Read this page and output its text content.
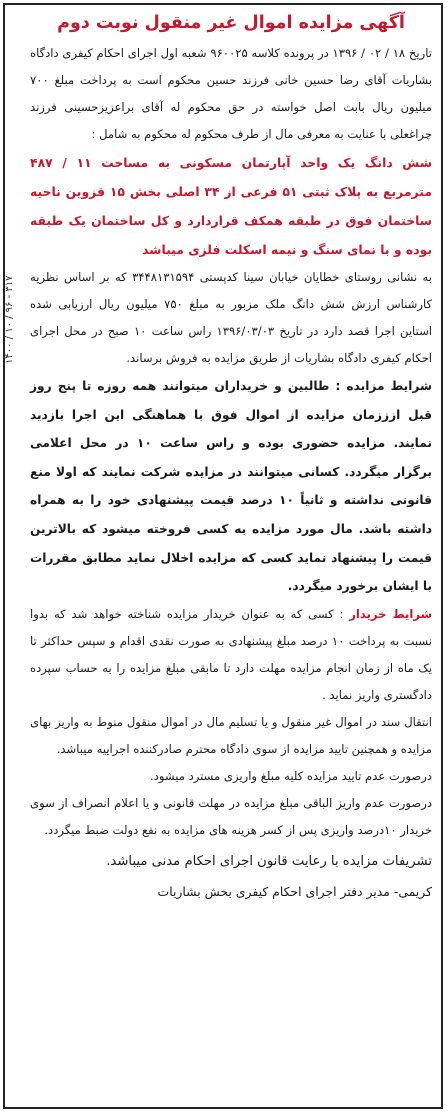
۱۴۰۰ / ۱۰ / ۹۶ - ۳۱۷
آگهی مزایده اموال غیر منقول نوبت دوم

تاریخ ۱۸ / ۰۲ / ۱۳۹۶ در پرونده کلاسه ۹۶۰۰۲۵ شعبه اول اجرای احکام کیفری دادگاه بشاریات آقای رضا حسین خانی فرزند حسین محکوم است به پرداخت مبلغ ۷۰۰ میلیون ریال بابت اصل خواسته در حق محکوم له آقای براعزیزحسینی فرزند چراغعلی با عنایت به معرفی مال از طرف محکوم له محکوم به شامل :

شش دانگ یک واحد آپارتمان مسکونی به مساحت ۱۱ / ۴۸۷ مترمربع به پلاک ثبتی ۵۱ فرعی از ۳۴ اصلی بخش ۱۵ قزوین ناحیه ساختمان فوق در طبقه همکف قراردارد و کل ساختمان یک طبقه بوده و با نمای سنگ و نیمه اسکلت فلزی میباشد

به نشانی روستای خطایان خیابان سینا کدپستی ۳۴۴۸۱۳۱۵۹۴ که بر اساس نظریه کارشناس ارزش شش دانگ ملک مزبور به مبلغ ۷۵۰ میلیون ریال ارزیابی شده استاین اجرا قصد دارد در تاریخ ۱۳۹۶/۰۳/۰۳ راس ساعت ۱۰ صبح در محل اجرای احکام کیفری دادگاه بشاریات از طریق مزایده به فروش برساند.

شرایط مزایده : طالبین و خریداران میتوانند همه روزه تا پنج روز قبل ازززمان مزایده از اموال فوق با هماهنگی این اجرا بازدید نمایند. مزایده حضوری بوده و راس ساعت ۱۰ در محل اعلامی برگزار میگردد. کسانی میتوانند در مزایده شرکت نمایند که اولا منع قانونی نداشته و ثانیاً ۱۰ درصد قیمت پیشنهادی خود را به همراه داشته باشد. مال مورد مزایده به کسی فروخته میشود که بالاترین قیمت را پیشنهاد نماید کسی که مزایده اخلال نماید مطابق مقررات با ایشان برخورد میگردد.

شرایط خریدار : کسی که به عنوان خریدار مزایده شناخته خواهد شد که بدوا نسبت به پرداخت ۱۰ درصد مبلغ پیشنهادی به صورت نقدی اقدام و سپس حداکثر تا یک ماه از زمان انجام مزایده مهلت دارد تا مابقی مبلغ مزایده را به حساب سپرده دادگستری واریز نماید .

انتقال سند در اموال غیر منقول و یا تسلیم مال در اموال منقول منوط به واریز بهای مزایده و همچنین تایید مزایده از سوی دادگاه محترم صادرکننده اجراییه میباشد.

درصورت عدم تایید مزایده کلیه مبلغ واریزی مسترد میشود.

درصورت عدم واریز الباقی مبلغ مزایده در مهلت قانونی و یا اعلام انصراف از سوی خریدار ۱۰درصد واریزی پس از کسر هزینه های مزایده به نفع دولت ضبط میگردد.

تشریفات مزایده با رعایت قانون اجرای احکام مدنی میباشد.

کریمی- مدیر دفتر اجرای احکام کیفری بخش بشاریات
